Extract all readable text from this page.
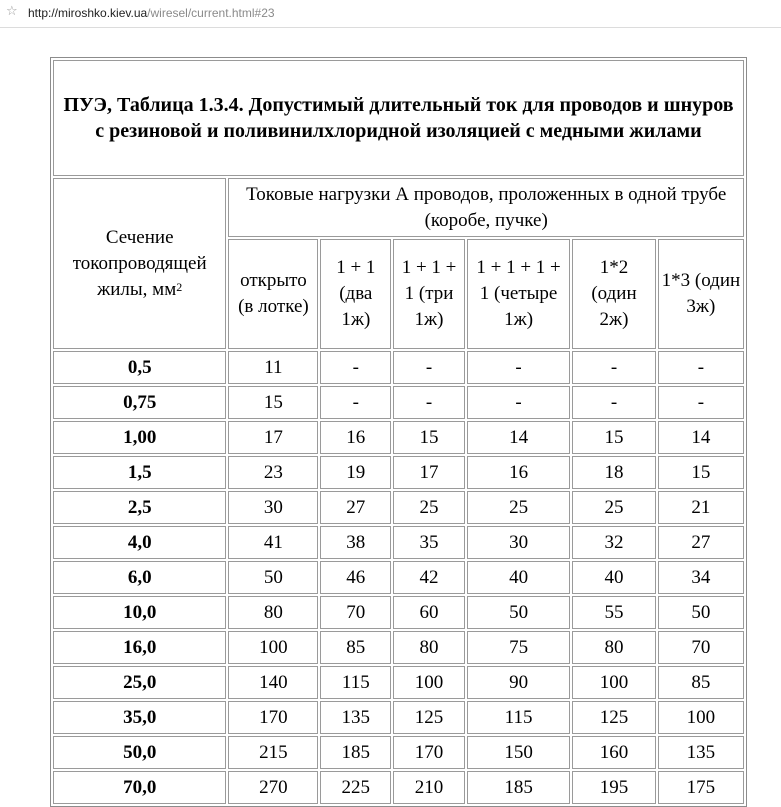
☆ http://miroshko.kiev.ua/wiresel/current.html#23
ПУЭ, Таблица 1.3.4. Допустимый длительный ток для проводов и шнуров
с резиновой и поливинилхлоридной изоляцией с медными жилами						
Сечение токопроводящей жилы, $мм^2$	Токовые нагрузки А проводов, проложенных в одной трубе (коробе, пучке)					
	открыто (в лотке)	1 + 1 (два 1ж)	1 + 1 + 1 (три 1ж)	1 + 1 + 1 + 1 (четыре 1ж)	1*2 (один 2ж)	1*3 (один 3ж)
0,5	11	-	-	-	-	-
0,75	15	-	-	-	-	-
1,00	17	16	15	14	15	14
1,5	23	19	17	16	18	15
2,5	30	27	25	25	25	21
4,0	41	38	35	30	32	27
6,0	50	46	42	40	40	34
10,0	80	70	60	50	55	50
16,0	100	85	80	75	80	70
25,0	140	115	100	90	100	85
35,0	170	135	125	115	125	100
50,0	215	185	170	150	160	135
70,0	270	225	210	185	195	175
